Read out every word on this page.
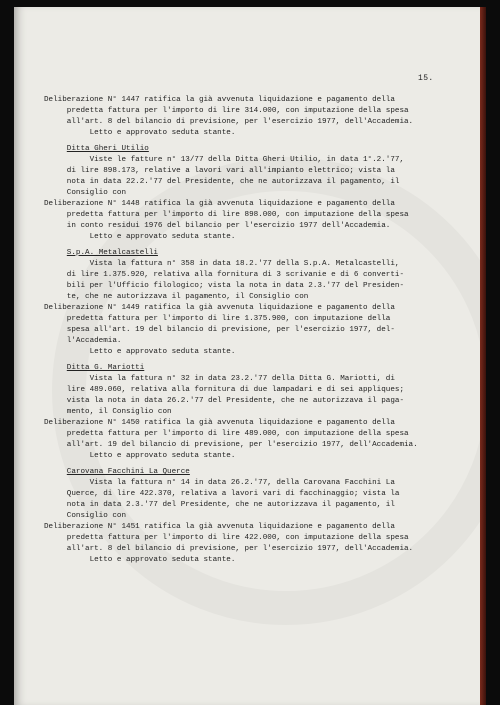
15.
Deliberazione N° 1447 ratifica la già avvenuta liquidazione e pagamento della
predetta fattura per l'importo di lire 314.000, con imputazione della spesa
all'art. 8 del bilancio di previsione, per l'esercizio 1977, dell'Accademia.
Letto e approvato seduta stante.
Ditta Gheri Utilio
Viste le fatture n° 13/77 della Ditta Gheri Utilio, in data 1°.2.'77,
di lire 898.173, relative a lavori vari all'impianto elettrico; vista la
nota in data 22.2.'77 del Presidente, che ne autorizzava il pagamento, il
Consiglio con
Deliberazione N° 1448 ratifica la già avvenuta liquidazione e pagamento della
predetta fattura per l'importo di lire 898.000, con imputazione della spesa
in conto residui 1976 del bilancio per l'esercizio 1977 dell'Accademia.
Letto e approvato seduta stante.
S.p.A. Metalcastelli
Vista la fattura n° 358 in data 18.2.'77 della S.p.A. Metalcastelli,
di lire 1.375.920, relativa alla fornitura di 3 scrivanie e di 6 converti-
bili per l'Ufficio filologico; vista la nota in data 2.3.'77 del Presiden-
te, che ne autorizzava il pagamento, il Consiglio con
Deliberazione N° 1449 ratifica la già avvenuta liquidazione e pagamento della
predetta fattura per l'importo di lire 1.375.900, con imputazione della
spesa all'art. 19 del bilancio di previsione, per l'esercizio 1977, del-
l'Accademia.
Letto e approvato seduta stante.
Ditta G. Mariotti
Vista la fattura n° 32 in data 23.2.'77 della Ditta G. Mariotti, di
lire 489.060, relativa alla fornitura di due lampadari e di sei appliques;
vista la nota in data 26.2.'77 del Presidente, che ne autorizzava il paga-
mento, il Consiglio con
Deliberazione N° 1450 ratifica la già avvenuta liquidazione e pagamento della
predetta fattura per l'importo di lire 489.000, con imputazione della spesa
all'art. 19 del bilancio di previsione, per l'esercizio 1977, dell'Accademia.
Letto e approvato seduta stante.
Carovana Facchini La Querce
Vista la fattura n° 14 in data 26.2.'77, della Carovana Facchini La
Querce, di lire 422.370, relativa a lavori vari di facchinaggio; vista la
nota in data 2.3.'77 del Presidente, che ne autorizzava il pagamento, il
Consiglio con
Deliberazione N° 1451 ratifica la già avvenuta liquidazione e pagamento della
predetta fattura per l'importo di lire 422.000, con imputazione della spesa
all'art. 8 del bilancio di previsione, per l'esercizio 1977, dell'Accademia.
Letto e approvato seduta stante.
